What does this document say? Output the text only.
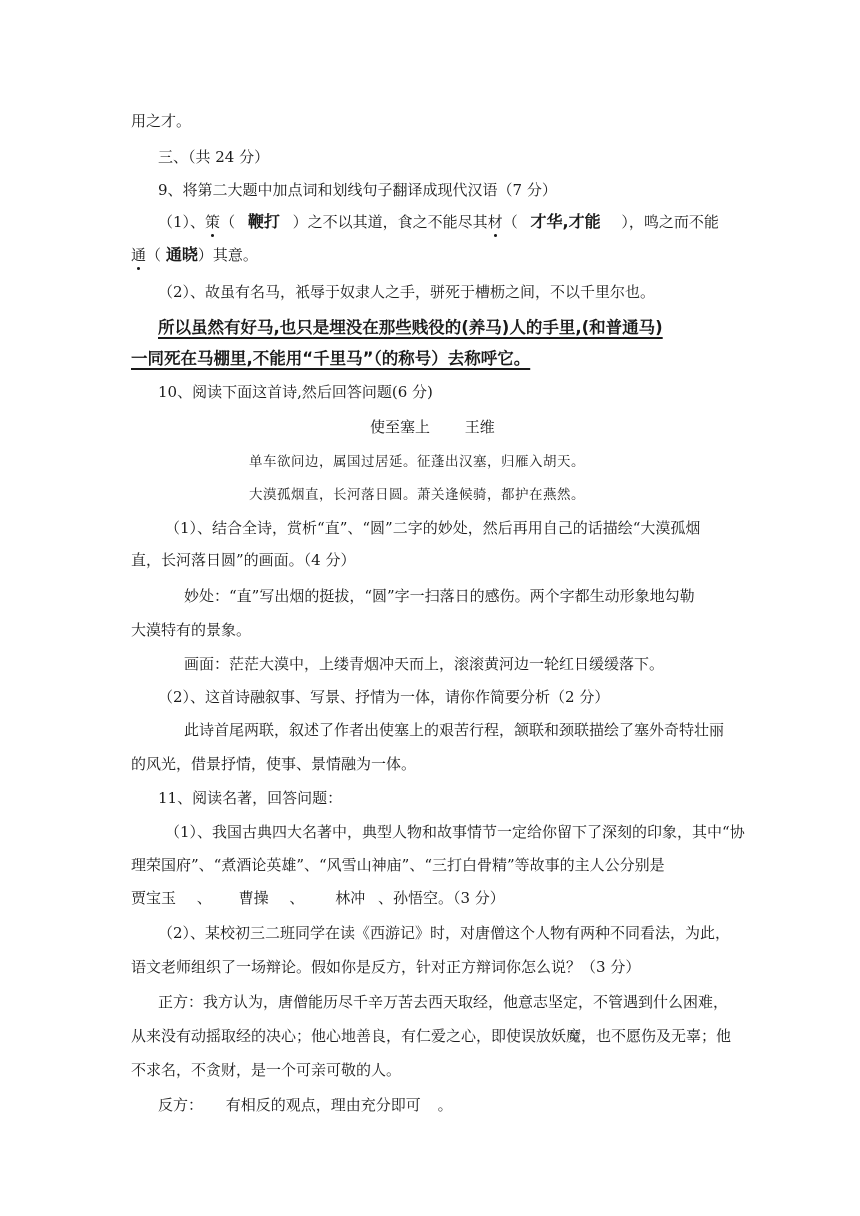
用之才。
三、（共 24 分）
9、将第二大题中加点词和划线句子翻译成现代汉语（7 分）
（1）、策（ 鞭打 ）之不以其道，食之不能尽其材（ 才华,才能 ），鸣之而不能
通（ 通晓）其意。
（2）、故虽有名马，衹辱于奴隶人之手，骈死于槽枥之间，不以千里尔也。
所以虽然有好马,也只是埋没在那些贱役的(养马)人的手里,(和普通马)
一同死在马棚里,不能用“千里马”（的称号）去称呼它。
10、阅读下面这首诗,然后回答问题(6 分)
使至塞上 王维
单车欲问边，属国过居延。征蓬出汉塞，归雁入胡天。
大漠孤烟直，长河落日圆。萧关逢候骑，都护在燕然。
（1）、结合全诗，赏析“直”、“圆”二字的妙处，然后再用自己的话描绘“大漠孤烟
直，长河落日圆”的画面。（4 分）
妙处：“直”写出烟的挺拔，“圆”字一扫落日的感伤。两个字都生动形象地勾勒
大漠特有的景象。
画面：茫茫大漠中，上缕青烟冲天而上，滚滚黄河边一轮红日缓缓落下。
（2）、这首诗融叙事、写景、抒情为一体，请你作简要分析（2 分）
此诗首尾两联，叙述了作者出使塞上的艰苦行程，颔联和颈联描绘了塞外奇特壮丽
的风光，借景抒情，使事、景情融为一体。
11、阅读名著，回答问题：
（1）、我国古典四大名著中，典型人物和故事情节一定给你留下了深刻的印象，其中“协
理荣国府”、“煮酒论英雄”、“风雪山神庙”、“三打白骨精”等故事的主人公分别是
贾宝玉 、 曹操 、 林冲 、孙悟空。（3 分）
（2）、某校初三二班同学在读《西游记》时，对唐僧这个人物有两种不同看法，为此，
语文老师组织了一场辩论。假如你是反方，针对正方辩词你怎么说？（3 分）
正方：我方认为，唐僧能历尽千辛万苦去西天取经，他意志坚定，不管遇到什么困难，
从来没有动摇取经的决心；他心地善良，有仁爱之心，即使误放妖魔，也不愿伤及无辜；他
不求名，不贪财，是一个可亲可敬的人。
反方： 有相反的观点，理由充分即可 。
